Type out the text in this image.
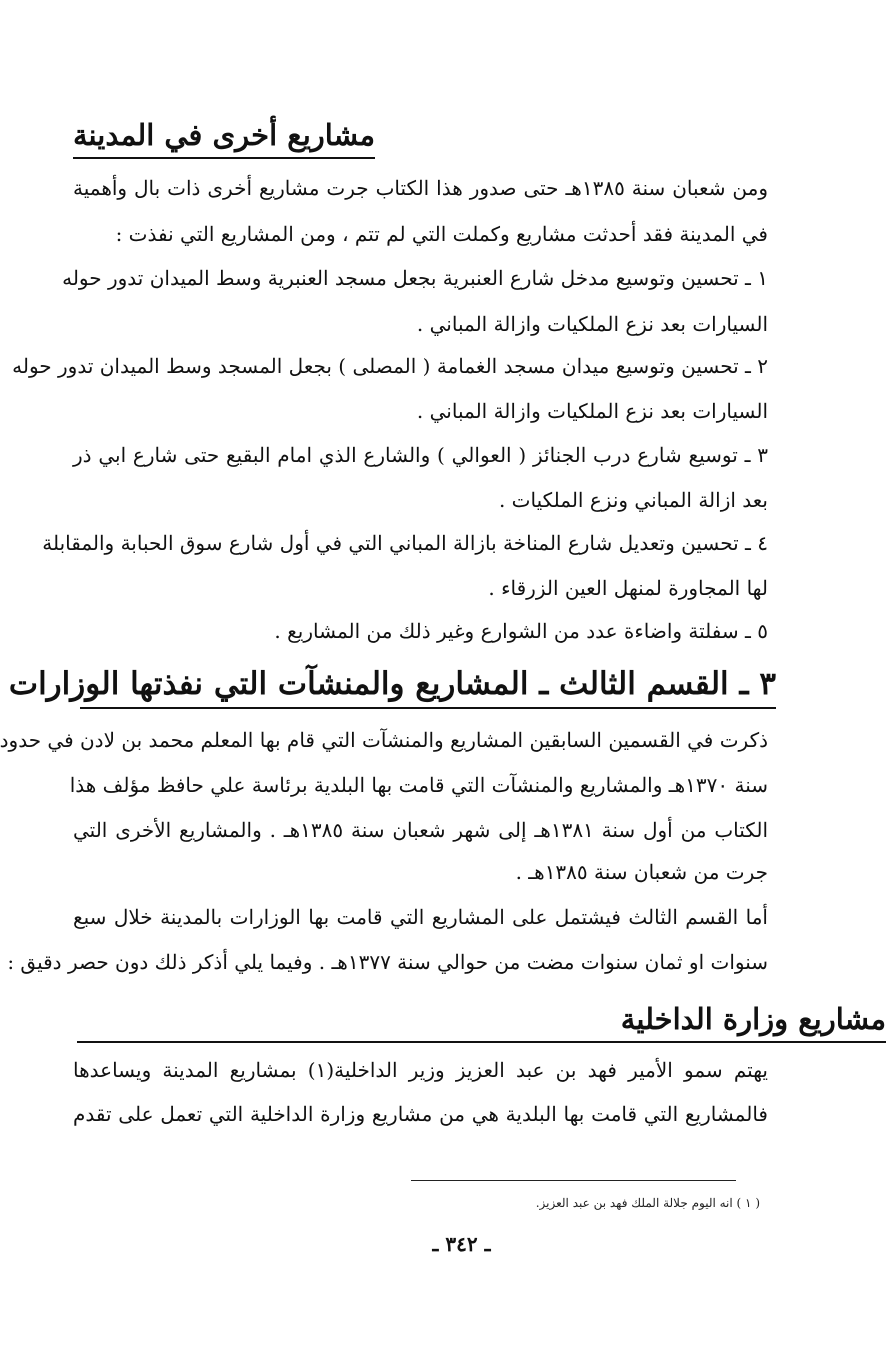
مشاريع أخرى في المدينة
ومن شعبان سنة ١٣٨٥هـ حتى صدور هذا الكتاب جرت مشاريع أخرى ذات بال وأهمية
في المدينة فقد أحدثت مشاريع وكملت التي لم تتم ، ومن المشاريع التي نفذت :
١ ـ تحسين وتوسيع مدخل شارع العنبرية بجعل مسجد العنبرية وسط الميدان تدور حوله
السيارات بعد نزع الملكيات وازالة المباني .
٢ ـ تحسين وتوسيع ميدان مسجد الغمامة ( المصلى ) بجعل المسجد وسط الميدان تدور حوله
السيارات بعد نزع الملكيات وازالة المباني .
٣ ـ توسيع شارع درب الجنائز ( العوالي ) والشارع الذي امام البقيع حتى شارع ابي ذر
بعد ازالة المباني ونزع الملكيات .
٤ ـ تحسين وتعديل شارع المناخة بازالة المباني التي في أول شارع سوق الحبابة والمقابلة
لها المجاورة لمنهل العين الزرقاء .
٥ ـ سفلتة واضاءة عدد من الشوارع وغير ذلك من المشاريع .
٣ ـ القسم الثالث ـ المشاريع والمنشآت التي نفذتها الوزارات
ذكرت في القسمين السابقين المشاريع والمنشآت التي قام بها المعلم محمد بن لادن في حدود
سنة ١٣٧٠هـ والمشاريع والمنشآت التي قامت بها البلدية برئاسة علي حافظ مؤلف هذا
الكتاب من أول سنة ١٣٨١هـ إلى شهر شعبان سنة ١٣٨٥هـ . والمشاريع الأخرى التي
جرت من شعبان سنة ١٣٨٥هـ .
أما القسم الثالث فيشتمل على المشاريع التي قامت بها الوزارات بالمدينة خلال سبع
سنوات او ثمان سنوات مضت من حوالي سنة ١٣٧٧هـ . وفيما يلي أذكر ذلك دون حصر دقيق :
مشاريع وزارة الداخلية
يهتم سمو الأمير فهد بن عبد العزيز وزير الداخلية(١) بمشاريع المدينة ويساعدها
فالمشاريع التي قامت بها البلدية هي من مشاريع وزارة الداخلية التي تعمل على تقدم
( ١ ) انه اليوم جلالة الملك فهد بن عبد العزيز.
ـ ٣٤٢ ـ
